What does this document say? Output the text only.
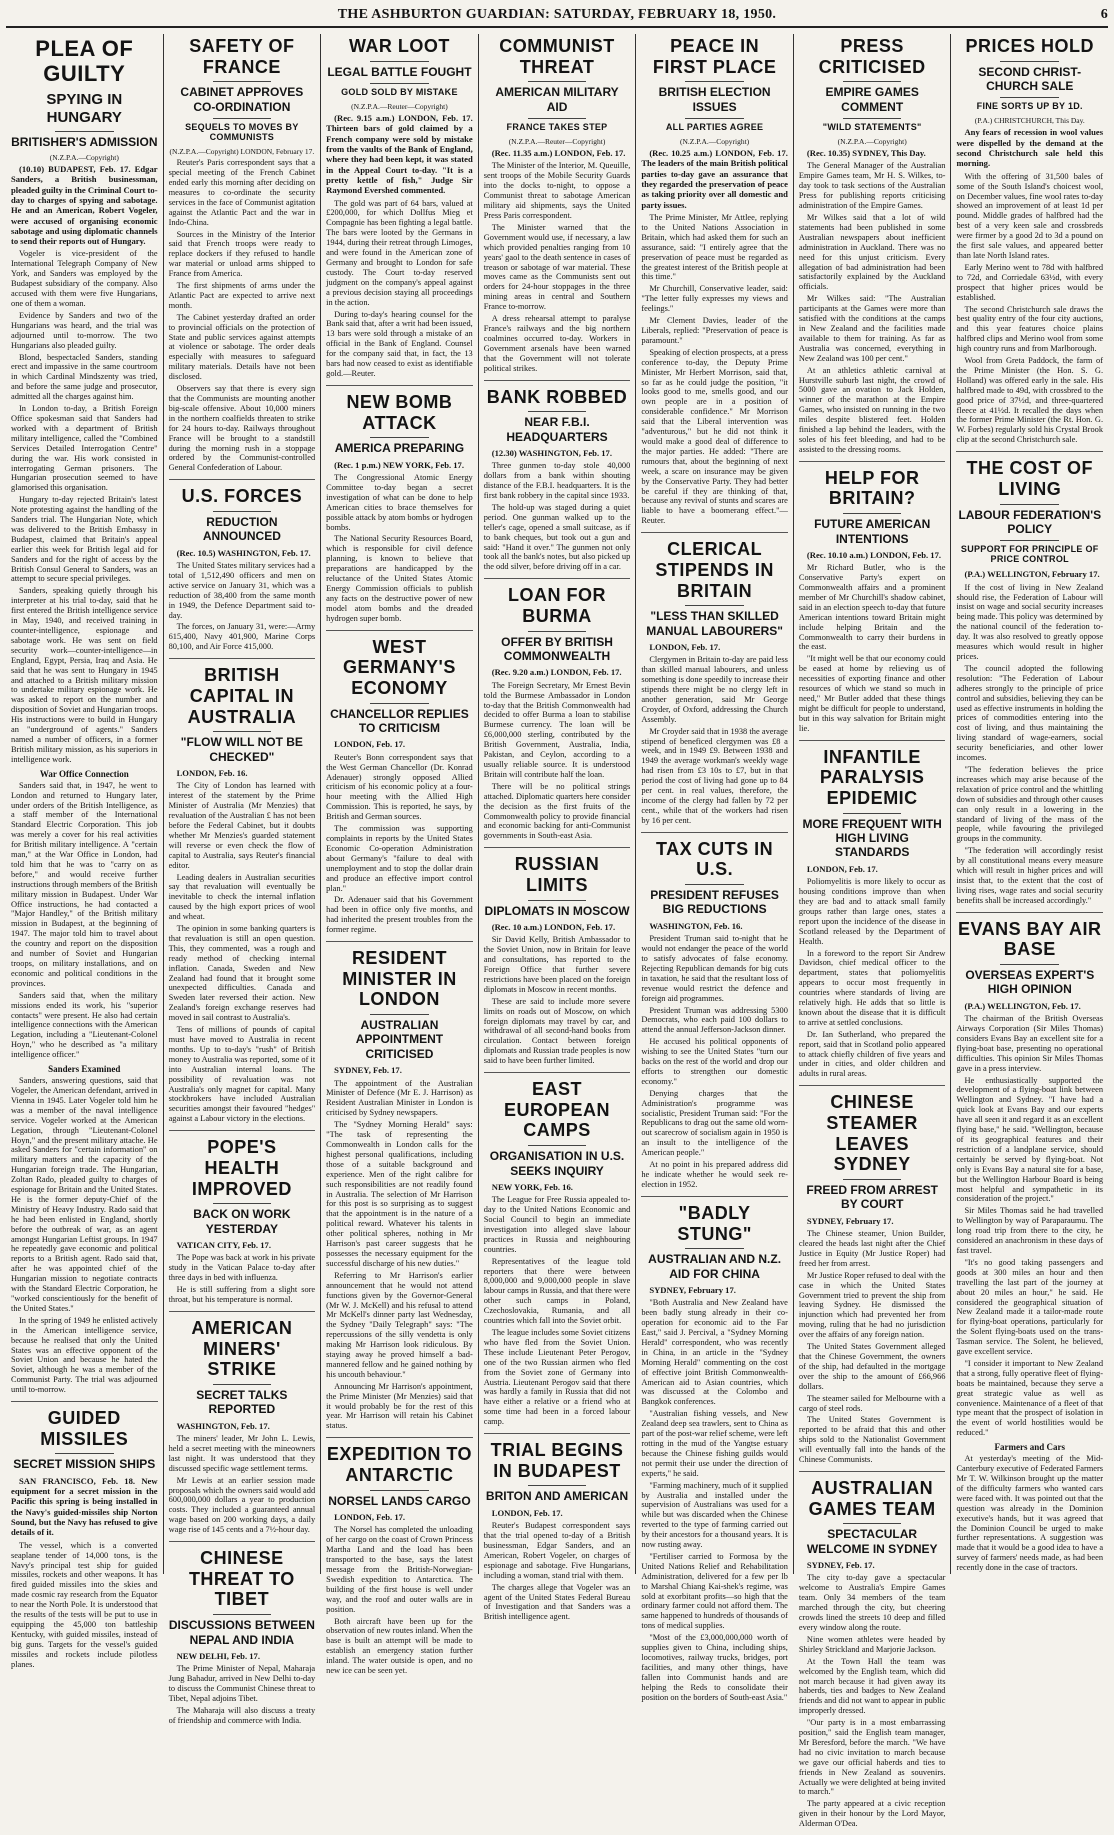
THE ASHBURTON GUARDIAN: SATURDAY, FEBRUARY 18, 1950.	6
PLEA OF GUILTY
SPYING IN HUNGARY
BRITISHER'S ADMISSION
(N.Z.P.A.—Copyright)

(10.10) BUDAPEST, Feb. 17. Edgar Sanders, a British businessman, pleaded guilty in the Criminal Court to-day to charges of spying and sabotage. He and an American, Robert Vogeler, were accused of organising economic sabotage and using diplomatic channels to send their reports out of Hungary.

Vogeler is vice-president of the International Telegraph Company of New York, and Sanders was employed by the Budapest subsidiary of the company. Also accused with them were five Hungarians, one of them a woman.

Evidence by Sanders and two of the Hungarians was heard, and the trial was adjourned until to-morrow. The two Hungarians also pleaded guilty.

Blond, bespectacled Sanders, standing erect and impassive in the same courtroom in which Cardinal Mindszenty was tried, and before the same judge and prosecutor, admitted all the charges against him.

In London to-day, a British Foreign Office spokesman said that Sanders had worked with a department of British military intelligence, called the "Combined Services Detailed Interrogation Centre" during the war. His work consisted in interrogating German prisoners. The Hungarian prosecution seemed to have glamorised this organisation.

Hungary to-day rejected Britain's latest Note protesting against the handling of the Sanders trial. The Hungarian Note, which was delivered to the British Embassy in Budapest, claimed that Britain's appeal earlier this week for British legal aid for Sanders and for the right of access by the British Consul General to Sanders, was an attempt to secure special privileges.

Sanders, speaking quietly through his interpreter at his trial to-day, said that he first entered the British intelligence service in May, 1940, and received training in counter-intelligence, espionage and sabotage work. He was sent on field security work—counter-intelligence—in England, Egypt, Persia, Iraq and Asia. He said that he was sent to Hungary in 1945 and attached to a British military mission to undertake military espionage work. He was asked to report on the number and disposition of Soviet and Hungarian troops. His instructions were to build in Hungary an "underground of agents." Sanders named a number of officers, in a former British military mission, as his superiors in intelligence work.

War Office Connection

Sanders said that, in 1947, he went to London and returned to Hungary later, under orders of the British Intelligence, as a staff member of the International Standard Electric Corporation. This job was merely a cover for his real activities for British military intelligence. A "certain man," at the War Office in London, had told him that he was to "carry on as before," and would receive further instructions through members of the British military mission in Budapest. Under War Office instructions, he had contacted a "Major Handley," of the British military mission in Budapest, at the beginning of 1947. The major told him to travel about the country and report on the disposition and number of Soviet and Hungarian troops, on military installations, and on economic and political conditions in the provinces.

Sanders said that, when the military missions ended its work, his "superior contacts" were present. He also had certain intelligence connections with the American Legation, including a "Lieutenant-Colonel Hoyn," who he described as "a military intelligence officer."

Sanders Examined

Sanders, answering questions, said that Vogeler, the American defendant, arrived in Vienna in 1945. Later Vogeler told him he was a member of the naval intelligence service. Vogeler worked at the American Legation, through "Lieutenant-Colonel Hoyn," and the present military attache. He asked Sanders for "certain information" on military matters and the capacity of the Hungarian foreign trade. The Hungarian, Zoltan Rado, pleaded guilty to charges of espionage for Britain and the United States. He is the former deputy-Chief of the Ministry of Heavy Industry. Rado said that he had been enlisted in England, shortly before the outbreak of war, as an agent amongst Hungarian Leftist groups. In 1947 he repeatedly gave economic and political reports to a British agent. Rado said that, after he was appointed chief of the Hungarian mission to negotiate contracts with the Standard Electric Corporation, he "worked conscientiously for the benefit of the United States."

In the spring of 1949 he enlisted actively in the American intelligence service, because he realised that only the United States was an effective opponent of the Soviet Union and because he hated the Soviet, although he was a member of the Communist Party. The trial was adjourned until to-morrow.

GUIDED MISSILES
SECRET MISSION SHIPS

SAN FRANCISCO, Feb. 18. New equipment for a secret mission in the Pacific this spring is being installed in the Navy's guided-missiles ship Norton Sound, but the Navy has refused to give details of it.

The vessel, which is a converted seaplane tender of 14,000 tons, is the Navy's principal test ship for guided missiles, rockets and other weapons. It has fired guided missiles into the skies and made cosmic ray research from the Equator to near the North Pole. It is understood that the results of the tests will be put to use in equipping the 45,000 ton battleship Kentucky, with guided missiles, instead of big guns. Targets for the vessel's guided missiles and rockets include pilotless planes.

SAFETY OF FRANCE
CABINET APPROVES CO-ORDINATION
SEQUELS TO MOVES BY COMMUNISTS
(N.Z.P.A.—Copyright) LONDON, February 17.

Reuter's Paris correspondent says that a special meeting of the French Cabinet ended early this morning after deciding on measures to co-ordinate the security services in the face of Communist agitation against the Atlantic Pact and the war in Indo-China.

Sources in the Ministry of the Interior said that French troops were ready to replace dockers if they refused to handle war material or unload arms shipped to France from America.

The first shipments of arms under the Atlantic Pact are expected to arrive next month.

The Cabinet yesterday drafted an order to provincial officials on the protection of State and public services against attempts at violence or sabotage. The order deals especially with measures to safeguard military materials. Details have not been disclosed.

Observers say that there is every sign that the Communists are mounting another big-scale offensive. About 10,000 miners in the northern coalfields threaten to strike for 24 hours to-day. Railways throughout France will be brought to a standstill during the morning rush in a stoppage ordered by the Communist-controlled General Confederation of Labour.

U.S. FORCES
REDUCTION ANNOUNCED

(Rec. 10.5) WASHINGTON, Feb. 17.

The United States military services had a total of 1,512,490 officers and men on active service on January 31, which was a reduction of 38,400 from the same month in 1949, the Defence Department said to-day.

The forces, on January 31, were:—Army 615,400, Navy 401,900, Marine Corps 80,100, and Air Force 415,000.

BRITISH CAPITAL IN AUSTRALIA
"FLOW WILL NOT BE CHECKED"

LONDON, Feb. 16.

The City of London has learned with interest of the statement by the Prime Minister of Australia (Mr Menzies) that revaluation of the Australian £ has not been before the Federal Cabinet, but it doubts whether Mr Menzies's guarded statement will reverse or even check the flow of capital to Australia, says Reuter's financial editor.

Leading dealers in Australian securities say that revaluation will eventually be inevitable to check the internal inflation caused by the high export prices of wool and wheat.

The opinion in some banking quarters is that revaluation is still an open question. This, they commented, was a rough and ready method of checking internal inflation. Canada, Sweden and New Zealand had found that it brought some unexpected difficulties. Canada and Sweden later reversed their action. New Zealand's foreign exchange reserves had moved in sail contrast to Australia's.

Tens of millions of pounds of capital must have moved to Australia in recent months. Up to to-day's "rush" of British money to Australia was reported, some of it into Australian internal loans. The possibility of revaluation was not Australia's only magnet for capital. Many stockbrokers have included Australian securities amongst their favoured "hedges" against a Labour victory in the elections.

POPE'S HEALTH IMPROVED
BACK ON WORK YESTERDAY

VATICAN CITY, Feb. 17.

The Pope was back at work in his private study in the Vatican Palace to-day after three days in bed with influenza.

He is still suffering from a slight sore throat, but his temperature is normal.

AMERICAN MINERS' STRIKE
SECRET TALKS REPORTED

WASHINGTON, Feb. 17.

The miners' leader, Mr John L. Lewis, held a secret meeting with the mineowners last night. It was understood that they discussed specific wage settlement terms.

Mr Lewis at an earlier session made proposals which the owners said would add 600,000,000 dollars a year to production costs. They included a guaranteed annual wage based on 200 working days, a daily wage rise of 145 cents and a 7½-hour day.

CHINESE THREAT TO TIBET
DISCUSSIONS BETWEEN NEPAL AND INDIA

NEW DELHI, Feb. 17.

The Prime Minister of Nepal, Maharaja Jung Bahadur, arrived in New Delhi to-day to discuss the Communist Chinese threat to Tibet, Nepal adjoins Tibet.

The Maharaja will also discuss a treaty of friendship and commerce with India.

WAR LOOT
LEGAL BATTLE FOUGHT
GOLD SOLD BY MISTAKE
(N.Z.P.A.—Reuter—Copyright)

(Rec. 9.15 a.m.) LONDON, Feb. 17. Thirteen bars of gold claimed by a French company were sold by mistake from the vaults of the Bank of England, where they had been kept, it was stated in the Appeal Court to-day. "It is a pretty kettle of fish," Judge Sir Raymond Evershed commented.

The gold was part of 64 bars, valued at £200,000, for which Dollfus Mieg et Compagnie has been fighting a legal battle. The bars were looted by the Germans in 1944, during their retreat through Limoges, and were found in the American zone of Germany and brought to London for safe custody. The Court to-day reserved judgment on the company's appeal against a previous decision staying all proceedings in the action.

During to-day's hearing counsel for the Bank said that, after a writ had been issued, 13 bars were sold through a mistake of an official in the Bank of England. Counsel for the company said that, in fact, the 13 bars had now ceased to exist as identifiable gold.—Reuter.

NEW BOMB ATTACK
AMERICA PREPARING

(Rec. 1 p.m.) NEW YORK, Feb. 17.

The Congressional Atomic Energy Committee to-day began a secret investigation of what can be done to help American cities to brace themselves for possible attack by atom bombs or hydrogen bombs.

The National Security Resources Board, which is responsible for civil defence planning, is known to believe that preparations are handicapped by the reluctance of the United States Atomic Energy Commission officials to publish any facts on the destructive power of new model atom bombs and the dreaded hydrogen super bomb.

WEST GERMANY'S ECONOMY
CHANCELLOR REPLIES TO CRITICISM

LONDON, Feb. 17.

Reuter's Bonn correspondent says that the West German Chancellor (Dr. Konrad Adenauer) strongly opposed Allied criticism of his economic policy at a four-hour meeting with the Allied High Commission. This is reported, he says, by British and German sources.

The commission was supporting complaints in reports by the United States Economic Co-operation Administration about Germany's "failure to deal with unemployment and to stop the dollar drain and produce an effective import control plan."

Dr. Adenauer said that his Government had been in office only five months, and had inherited the present troubles from the former regime.

RESIDENT MINISTER IN LONDON
AUSTRALIAN APPOINTMENT CRITICISED

SYDNEY, Feb. 17.

The appointment of the Australian Minister of Defence (Mr E. J. Harrison) as Resident Australian Minister in London is criticised by Sydney newspapers.

The "Sydney Morning Herald" says: "The task of representing the Commonwealth in London calls for the highest personal qualifications, including those of a suitable background and experience. Men of the right calibre for such responsibilities are not readily found in Australia. The selection of Mr Harrison for this post is so surprising as to suggest that the appointment is in the nature of a political reward. Whatever his talents in other political spheres, nothing in Mr Harrison's past career suggests that he possesses the necessary equipment for the successful discharge of his new duties."

Referring to Mr Harrison's earlier announcement that he would not attend functions given by the Governor-General (Mr W. J. McKell) and his refusal to attend Mr McKell's dinner party last Wednesday, the Sydney "Daily Telegraph" says: "The repercussions of the silly vendetta is only making Mr Harrison look ridiculous. By staying away he proved himself a bad-mannered fellow and he gained nothing by his uncouth behaviour."

Announcing Mr Harrison's appointment, the Prime Minister (Mr Menzies) said that it would probably be for the rest of this year. Mr Harrison will retain his Cabinet status.

EXPEDITION TO ANTARCTIC
NORSEL LANDS CARGO

LONDON, Feb. 17.

The Norsel has completed the unloading of her cargo on the coast of Crown Princess Martha Land and the load has been transported to the base, says the latest message from the British-Norwegian-Swedish expedition to Antarctica. The building of the first house is well under way, and the roof and outer walls are in position.

Both aircraft have been up for the observation of new routes inland. When the base is built an attempt will be made to establish an emergency station further inland. The water outside is open, and no new ice can be seen yet.

COMMUNIST THREAT
AMERICAN MILITARY AID
FRANCE TAKES STEP
(N.Z.P.A.—Reuter—Copyright)

(Rec. 11.35 a.m.) LONDON, Feb. 17.

The Minister of the Interior, M. Queuille, sent troops of the Mobile Security Guards into the docks to-night, to oppose a Communist threat to sabotage American military aid shipments, says the United Press Paris correspondent.

The Minister warned that the Government would use, if necessary, a law which provided penalties ranging from 10 years' gaol to the death sentence in cases of treason or sabotage of war material. These moves came as the Communists sent out orders for 24-hour stoppages in the three mining areas in central and Southern France to-morrow.

A dress rehearsal attempt to paralyse France's railways and the big northern coalmines occurred to-day. Workers in Government arsenals have been warned that the Government will not tolerate political strikes.

BANK ROBBED
NEAR F.B.I. HEADQUARTERS

(12.30) WASHINGTON, Feb. 17.

Three gunmen to-day stole 40,000 dollars from a bank within shouting distance of the F.B.I. headquarters. It is the first bank robbery in the capital since 1933.

The hold-up was staged during a quiet period. One gunman walked up to the teller's cage, opened a small suitcase, as if to bank cheques, but took out a gun and said: "Hand it over." The gunmen not only took all the bank's notes, but also picked up the odd silver, before driving off in a car.

LOAN FOR BURMA
OFFER BY BRITISH COMMONWEALTH

(Rec. 9.20 a.m.) LONDON, Feb. 17.

The Foreign Secretary, Mr Ernest Bevin told the Burmese Ambassador in London to-day that the British Commonwealth had decided to offer Burma a loan to stabilise Burmese currency. The loan will be £6,000,000 sterling, contributed by the British Government, Australia, India, Pakistan, and Ceylon, according to a usually reliable source. It is understood Britain will contribute half the loan.

There will be no political strings attached. Diplomatic quarters here consider the decision as the first fruits of the Commonwealth policy to provide financial and economic backing for anti-Communist governments in South-east Asia.

RUSSIAN LIMITS
DIPLOMATS IN MOSCOW

(Rec. 10 a.m.) LONDON, Feb. 17.

Sir David Kelly, British Ambassador to the Soviet Union, now in Britain for leave and consultations, has reported to the Foreign Office that further severe restrictions have been placed on the foreign diplomats in Moscow in recent months.

These are said to include more severe limits on roads out of Moscow, on which foreign diplomats may travel by car, and withdrawal of all second-hand books from circulation. Contact between foreign diplomats and Russian trade peoples is now said to have been further limited.

EAST EUROPEAN CAMPS
ORGANISATION IN U.S. SEEKS INQUIRY

NEW YORK, Feb. 16.

The League for Free Russia appealed to-day to the United Nations Economic and Social Council to begin an immediate investigation into alleged slave labour practices in Russia and neighbouring countries.

Representatives of the league told reporters that there were between 8,000,000 and 9,000,000 people in slave labour camps in Russia, and that there were other such camps in Poland, Czechoslovakia, Rumania, and all countries which fall into the Soviet orbit.

The league includes some Soviet citizens who have fled from the Soviet Union. These include Lieutenant Peter Perogov, one of the two Russian airmen who fled from the Soviet zone of Germany into Austria. Lieutenant Perogov said that there was hardly a family in Russia that did not have either a relative or a friend who at some time had been in a forced labour camp.

TRIAL BEGINS IN BUDAPEST
BRITON AND AMERICAN

LONDON, Feb. 17.

Reuter's Budapest correspondent says that the trial opened to-day of a British businessman, Edgar Sanders, and an American, Robert Vogeler, on charges of espionage and sabotage. Five Hungarians, including a woman, stand trial with them.

The charges allege that Vogeler was an agent of the United States Federal Bureau of Investigation and that Sanders was a British intelligence agent.

PEACE IN FIRST PLACE
BRITISH ELECTION ISSUES
ALL PARTIES AGREE
(N.Z.P.A.—Copyright)

(Rec. 10.25 a.m.) LONDON, Feb. 17. The leaders of the main British political parties to-day gave an assurance that they regarded the preservation of peace as taking priority over all domestic and party issues.

The Prime Minister, Mr Attlee, replying to the United Nations Association in Britain, which had asked them for such an assurance, said: "I entirely agree that the preservation of peace must be regarded as the greatest interest of the British people at this time."

Mr Churchill, Conservative leader, said: "The letter fully expresses my views and feelings."

Mr Clement Davies, leader of the Liberals, replied: "Preservation of peace is paramount."

Speaking of election prospects, at a press conference to-day, the Deputy Prime Minister, Mr Herbert Morrison, said that, so far as he could judge the position, "it looks good to me, smells good, and our own people are in a position of considerable confidence." Mr Morrison said that the Liberal intervention was "adventurous," but he did not think it would make a good deal of difference to the major parties. He added: "There are rumours that, about the beginning of next week, a scare on insurance may be given by the Conservative Party. They had better be careful if they are thinking of that, because any revival of stunts and scares are liable to have a boomerang effect."—Reuter.

CLERICAL STIPENDS IN BRITAIN
"LESS THAN SKILLED MANUAL LABOURERS"

LONDON, Feb. 17.

Clergymen in Britain to-day are paid less than skilled manual labourers, and unless something is done speedily to increase their stipends there might be no clergy left in another generation, said Mr George Croyder, of Oxford, addressing the Church Assembly.

Mr Croyder said that in 1938 the average stipend of beneficed clergymen was £8 a week, and in 1949 £9. Between 1938 and 1949 the average workman's weekly wage had risen from £3 10s to £7, but in that period the cost of living had gone up to 84 per cent. in real values, therefore, the income of the clergy had fallen by 72 per cent., while that of the workers had risen by 16 per cent.

TAX CUTS IN U.S.
PRESIDENT REFUSES BIG REDUCTIONS

WASHINGTON, Feb. 16.

President Truman said to-night that he would not endanger the peace of the world to satisfy advocates of false economy. Rejecting Republican demands for big cuts in taxation, he said that the resultant loss of revenue would restrict the defence and foreign aid programmes.

President Truman was addressing 5300 Democrats, who each paid 100 dollars to attend the annual Jefferson-Jackson dinner.

He accused his political opponents of wishing to see the United States "turn our backs on the rest of the world and drop our efforts to strengthen our domestic economy."

Denying charges that the Administration's programme was socialistic, President Truman said: "For the Republicans to drag out the same old worn-out scarecrow of socialism again in 1950 is an insult to the intelligence of the American people."

At no point in his prepared address did he indicate whether he would seek re-election in 1952.

"BADLY STUNG"
AUSTRALIAN AND N.Z. AID FOR CHINA

SYDNEY, February 17.

"Both Australia and New Zealand have been badly stung already in their co-operation for economic aid to the Far East," said J. Percival, a "Sydney Morning Herald" correspondent, who was recently in China, in an article in the "Sydney Morning Herald" commenting on the cost of effective joint British Commonwealth-American aid to Asian countries, which was discussed at the Colombo and Bangkok conferences.

"Australian fishing vessels, and New Zealand deep sea trawlers, sent to China as part of the post-war relief scheme, were left rotting in the mud of the Yangtse estuary because the Chinese fishing guilds would not permit their use under the direction of experts," he said.

"Farming machinery, much of it supplied by Australia and installed under the supervision of Australians was used for a while but was discarded when the Chinese reverted to the type of farming carried out by their ancestors for a thousand years. It is now rusting away.

"Fertiliser carried to Formosa by the United Nations Relief and Rehabilitation Administration, delivered for a few per lb to Marshal Chiang Kai-shek's regime, was sold at exorbitant profits—so high that the ordinary farmer could not afford them. The same happened to hundreds of thousands of tons of medical supplies.

"Most of the £3,000,000,000 worth of supplies given to China, including ships, locomotives, railway trucks, bridges, port facilities, and many other things, have fallen into Communist hands and are helping the Reds to consolidate their position on the borders of South-east Asia."

PRESS CRITICISED
EMPIRE GAMES COMMENT
"WILD STATEMENTS"
(N.Z.P.A.—Copyright)

(Rec. 10.35) SYDNEY, This Day.

The General Manager of the Australian Empire Games team, Mr H. S. Wilkes, to-day took to task sections of the Australian Press for publishing reports criticising administration of the Empire Games.

Mr Wilkes said that a lot of wild statements had been published in some Australian newspapers about inefficient administration in Auckland. There was no need for this unjust criticism. Every allegation of bad administration had been satisfactorily explained by the Auckland officials.

Mr Wilkes said: "The Australian participants at the Games were more than satisfied with the conditions at the camps in New Zealand and the facilities made available to them for training. As far as Australia was concerned, everything in New Zealand was 100 per cent."

At an athletics athletic carnival at Hurstville suburb last night, the crowd of 5000 gave an ovation to Jack Holden, winner of the marathon at the Empire Games, who insisted on running in the two miles despite blistered feet. Holden finished a lap behind the leaders, with the soles of his feet bleeding, and had to be assisted to the dressing rooms.

HELP FOR BRITAIN?
FUTURE AMERICAN INTENTIONS

(Rec. 10.10 a.m.) LONDON, Feb. 17.

Mr Richard Butler, who is the Conservative Party's expert on Commonwealth affairs and a prominent member of Mr Churchill's shadow cabinet, said in an election speech to-day that future American intentions toward Britain might include helping Britain and the Commonwealth to carry their burdens in the east.

"It might well be that our economy could be eased at home by relieving us of necessities of exporting finance and other resources of which we stand so much in need," Mr Butler added that these things might be difficult for people to understand, but in this way salvation for Britain might lie.

INFANTILE PARALYSIS EPIDEMIC
MORE FREQUENT WITH HIGH LIVING STANDARDS

LONDON, Feb. 17.

Poliomyelitis is more likely to occur as housing conditions improve than when they are bad and to attack small family groups rather than large ones, states a report upon the incidence of the disease in Scotland released by the Department of Health.

In a foreword to the report Sir Andrew Davidson, chief medical officer to the department, states that poliomyelitis appears to occur most frequently in countries where standards of living are relatively high. He adds that so little is known about the disease that it is difficult to arrive at settled conclusions.

Dr. Ian Sutherland, who prepared the report, said that in Scotland polio appeared to attack chiefly children of five years and under in cities, and older children and adults in rural areas.

CHINESE STEAMER LEAVES SYDNEY
FREED FROM ARREST BY COURT

SYDNEY, February 17.

The Chinese steamer, Union Builder, cleared the heads last night after the Chief Justice in Equity (Mr Justice Roper) had freed her from arrest.

Mr Justice Roper refused to deal with the case in which the United States Government tried to prevent the ship from leaving Sydney. He dismissed the injunction which had prevented her from moving, ruling that he had no jurisdiction over the affairs of any foreign nation.

The United States Government alleged that the Chinese Government, the owners of the ship, had defaulted in the mortgage over the ship to the amount of £66,966 dollars.

The steamer sailed for Melbourne with a cargo of steel rods.

The United States Government is reported to be afraid that this and other ships sold to the Nationalist Government will eventually fall into the hands of the Chinese Communists.

AUSTRALIAN GAMES TEAM
SPECTACULAR WELCOME IN SYDNEY

SYDNEY, Feb. 17.

The city to-day gave a spectacular welcome to Australia's Empire Games team. Only 34 members of the team marched through the city, but cheering crowds lined the streets 10 deep and filled every window along the route.

Nine women athletes were headed by Shirley Strickland and Marjorie Jackson.

At the Town Hall the team was welcomed by the English team, which did not march because it had given away its haberds, ties and badges to New Zealand friends and did not want to appear in public improperly dressed.

"Our party is in a most embarrassing position," said the English team manager, Mr Beresford, before the march. "We have had no civic invitation to march because we gave our official haberds and ties to friends in New Zealand as souvenirs. Actually we were delighted at being invited to march."

The party appeared at a civic reception given in their honour by the Lord Mayor, Alderman O'Dea.

PRICES HOLD
SECOND CHRIST-CHURCH SALE
FINE SORTS UP BY 1D.
(P.A.) CHRISTCHURCH, This Day.

Any fears of recession in wool values were dispelled by the demand at the second Christchurch sale held this morning.

With the offering of 31,500 bales of some of the South Island's choicest wool, on December values, fine wool rates to-day showed an improvement of at least 1d per pound. Middle grades of halfbred had the best of a very keen sale and crossbreds were firmer by a good 2d to 3d a pound on the first sale values, and appeared better than late North Island rates.

Early Merino went to 78d with halfbred to 72d, and Corriedale 63½d, with every prospect that higher prices would be established.

The second Christchurch sale draws the best quality entry of the four city auctions, and this year features choice plains halfbred clips and Merino wool from some high country runs and from Marlborough.

Wool from Greta Paddock, the farm of the Prime Minister (the Hon. S. G. Holland) was offered early in the sale. His halfbred made to 49d, with crossbred to the good price of 37½d, and three-quartered fleece at 41½d. It recalled the days when the former Prime Minister (the Rt. Hon. G. W. Forbes) regularly sold his Crystal Brook clip at the second Christchurch sale.

THE COST OF LIVING
LABOUR FEDERATION'S POLICY
SUPPORT FOR PRINCIPLE OF PRICE CONTROL

(P.A.) WELLINGTON, February 17.

If the cost of living in New Zealand should rise, the Federation of Labour will insist on wage and social security increases being made. This policy was determined by the national council of the federation to-day. It was also resolved to greatly oppose measures which would result in higher prices.

The council adopted the following resolution: "The Federation of Labour adheres strongly to the principle of price control and subsidies, believing they can be used as effective instruments in holding the prices of commodities entering into the cost of living, and thus maintaining the living standard of wage-earners, social security beneficiaries, and other lower incomes.

"The federation believes the price increases which may arise because of the relaxation of price control and the whittling down of subsidies and through other causes can only result in a lowering in the standard of living of the mass of the people, while favouring the privileged groups in the community.

"The federation will accordingly resist by all constitutional means every measure which will result in higher prices and will insist that, to the extent that the cost of living rises, wage rates and social security benefits shall be increased accordingly."

EVANS BAY AIR BASE
OVERSEAS EXPERT'S HIGH OPINION

(P.A.) WELLINGTON, Feb. 17.

The chairman of the British Overseas Airways Corporation (Sir Miles Thomas) considers Evans Bay an excellent site for a flying-boat base, presenting no operational difficulties. This opinion Sir Miles Thomas gave in a press interview.

He enthusiastically supported the development of a flying-boat link between Wellington and Sydney. "I have had a quick look at Evans Bay and our experts have all seen it and regard it as an excellent flying base," he said. "Wellington, because of its geographical features and their restriction of a landplane service, should certainly be served by flying-boat. Not only is Evans Bay a natural site for a base, but the Wellington Harbour Board is being most helpful and sympathetic in its consideration of the project."

Sir Miles Thomas said he had travelled to Wellington by way of Paraparaumu. The long road trip from there to the city, he considered an anachronism in these days of fast travel.

"It's no good taking passengers and goods at 300 miles an hour and then travelling the last part of the journey at about 20 miles an hour," he said. He considered the geographical situation of New Zealand made it a tailor-made route for flying-boat operations, particularly for the Solent flying-boats used on the trans-Tasman service. The Solent, he believed, gave excellent service.

"I consider it important to New Zealand that a strong, fully operative fleet of flying-boats be maintained, because they serve a great strategic value as well as convenience. Maintenance of a fleet of that type meant that the prospect of isolation in the event of world hostilities would be reduced."

Farmers and Cars

At yesterday's meeting of the Mid-Canterbury executive of Federated Farmers Mr T. W. Wilkinson brought up the matter of the difficulty farmers who wanted cars were faced with. It was pointed out that the question was already in the Dominion executive's hands, but it was agreed that the Dominion Council be urged to make further representations. A suggestion was made that it would be a good idea to have a survey of farmers' needs made, as had been recently done in the case of tractors.
